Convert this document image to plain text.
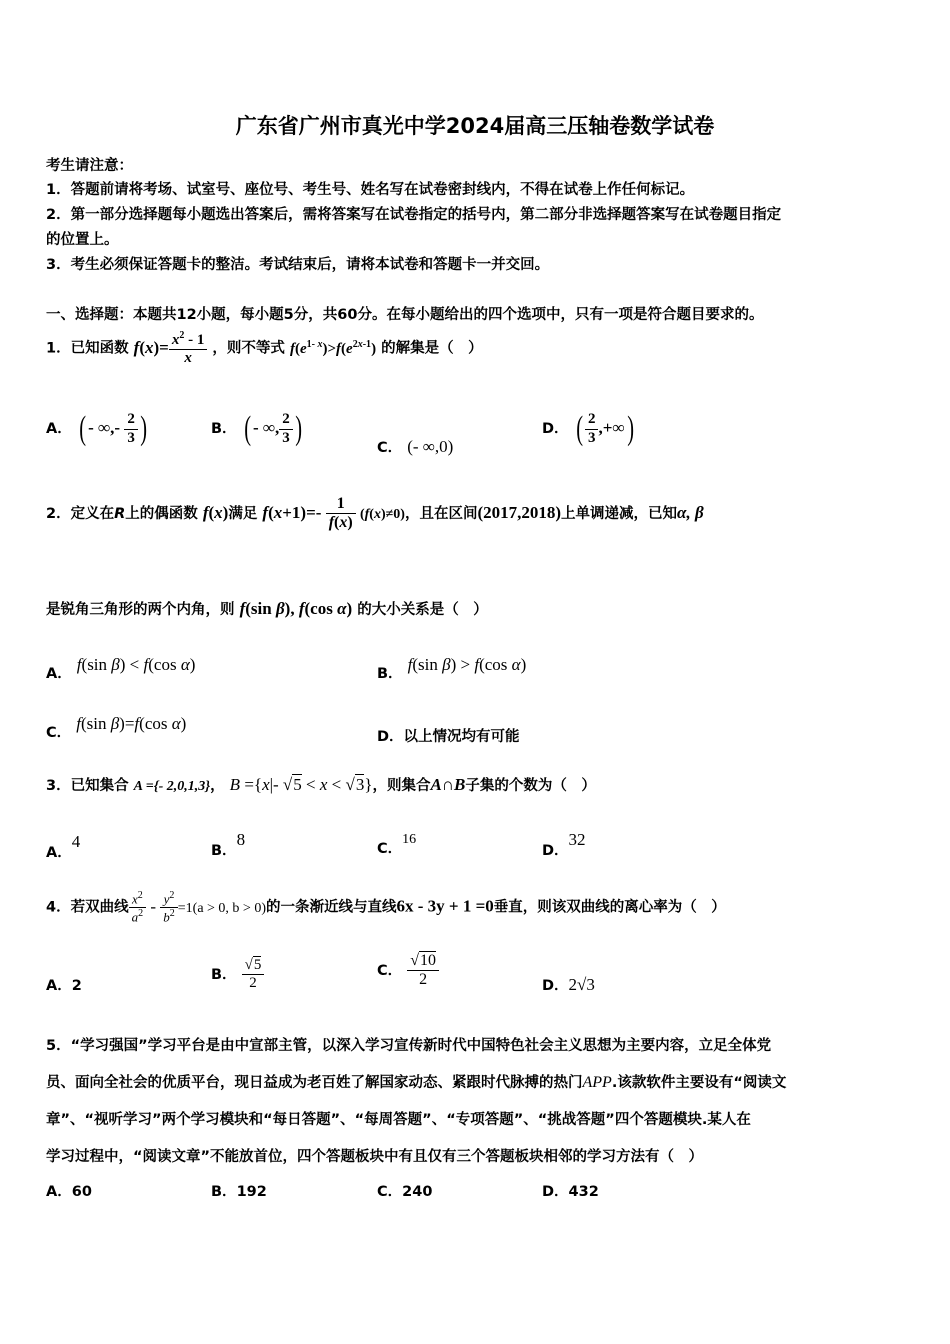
广东省广州市真光中学2024届高三压轴卷数学试卷
考生请注意：
1．答题前请将考场、试室号、座位号、考生号、姓名写在试卷密封线内，不得在试卷上作任何标记。
2．第一部分选择题每小题选出答案后，需将答案写在试卷指定的括号内，第二部分非选择题答案写在试卷题目指定
的位置上。
3．考生必须保证答题卡的整洁。考试结束后，请将本试卷和答题卡一并交回。
一、选择题：本题共12小题，每小题5分，共60分。在每小题给出的四个选项中，只有一项是符合题目要求的。
1．已知函数 $f(x)= \frac{x^2 - 1}{x}$ ，则不等式 $f(e^{1- x})>f(e^{2x-1})$ 的解集是（　）
A． ( - ∞,- $\frac{2}{3}$ )	B． ( - ∞, $\frac{2}{3}$ )
C． (- ∞,0)
D． ( $\frac{2}{3}$ ,+∞)
2．定义在R上的偶函数 f(x)满足 $f(x+1)=- \frac{1}{f(x)} (f(x)\ne 0)$，且在区间(2017,2018)上单调递减，已知α, β
是锐角三角形的两个内角，则 f(sin β), f(cos α) 的大小关系是（　）
A． f(sin β) < f(cos α)	B． f(sin β) > f(cos α)
C． f(sin β)=f(cos α)
D．以上情况均有可能
3．已知集合 A ={- 2,0,1,3}， B ={x|- √5 < x < √3}，则集合A∩B子集的个数为（　）
A．4	B．8	C．16
D．32
4．若双曲线 $\frac{x^2}{a^2} - \frac{y^2}{b^2} =1(a > 0$, b > 0)的一条渐近线与直线6x - 3y + 1 =0垂直，则该双曲线的离心率为（　）
A．2
B． $\frac{√5}{2}$	C． $\frac{√10}{2}$	D．2√3
5．“学习强国”学习平台是由中宣部主管，以深入学习宣传新时代中国特色社会主义思想为主要内容，立足全体党
员、面向全社会的优质平台，现日益成为老百姓了解国家动态、紧跟时代脉搏的热门APP.该款软件主要设有“阅读文
章”、“视听学习”两个学习模块和“每日答题”、“每周答题”、“专项答题”、“挑战答题”四个答题模块.某人在
学习过程中，“阅读文章”不能放首位，四个答题板块中有且仅有三个答题板块相邻的学习方法有（　）
A．60	B．192	C．240	D．432
